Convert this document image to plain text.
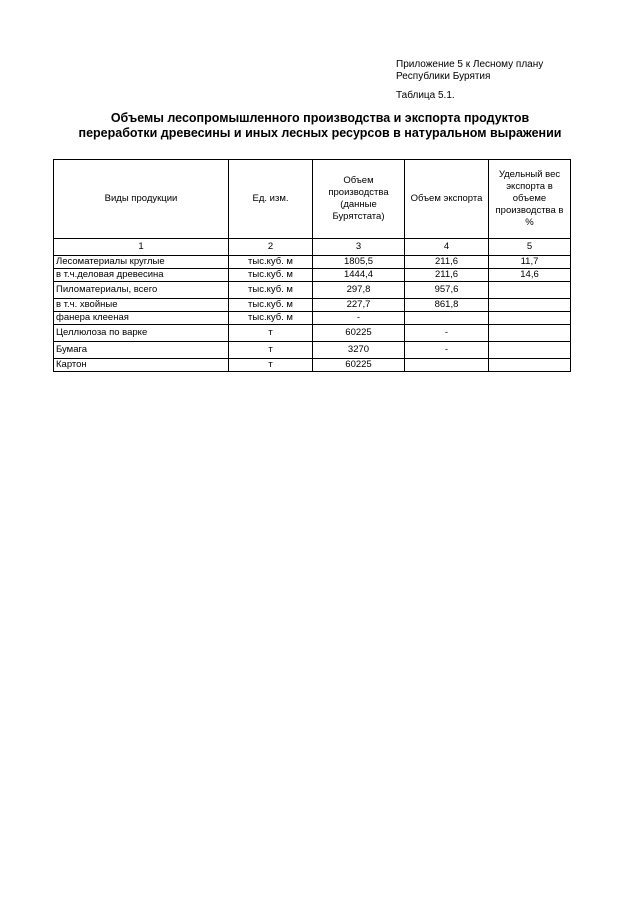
Приложение 5 к Лесному плану
Республики Бурятия
Таблица 5.1.
Объемы лесопромышленного производства и экспорта продуктов
переработки древесины и иных лесных ресурсов в натуральном выражении
Виды продукции	Ед. изм.	Объем производства (данные Бурятстата)	Объем экспорта	Удельный вес экспорта в объеме производства в %
1	2	3	4	5
Лесоматериалы круглые	тыс.куб. м	1805,5	211,6	11,7
в т.ч.деловая древесина	тыс.куб. м	1444,4	211,6	14,6
Пиломатериалы, всего	тыс.куб. м	297,8	957,6	
в т.ч. хвойные	тыс.куб. м	227,7	861,8	
фанера клееная	тыс.куб. м	-		
Целлюлоза по варке	т	60225	-	
Бумага	т	3270	-	
Картон	т	60225		
